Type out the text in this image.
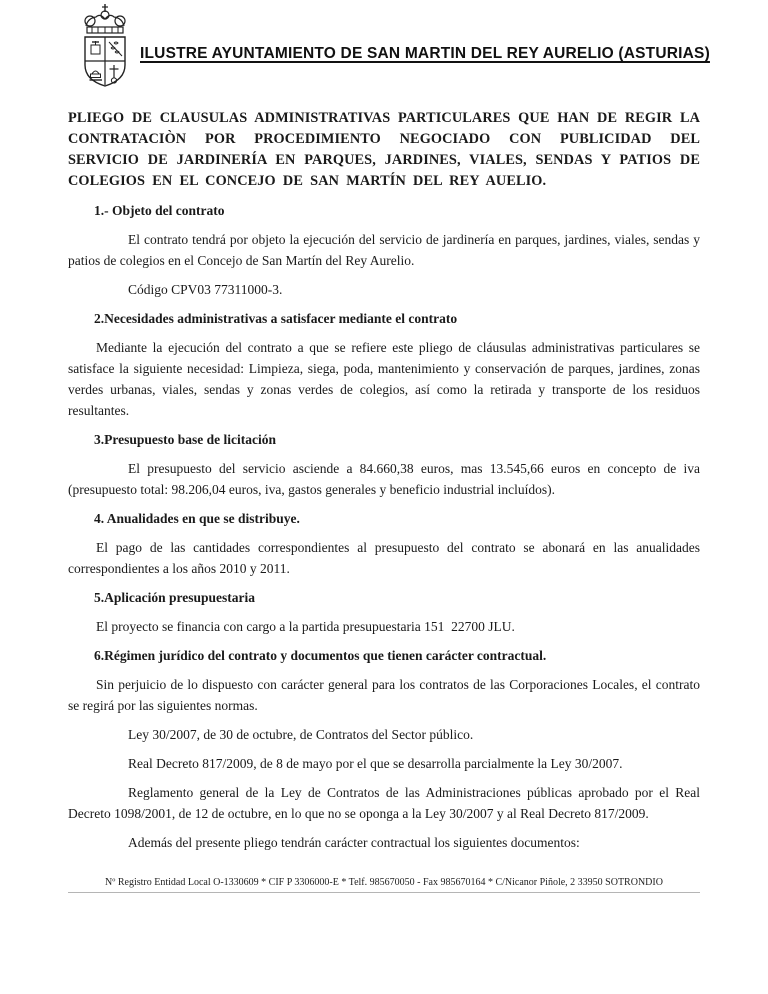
ILUSTRE AYUNTAMIENTO DE SAN MARTIN DEL REY AURELIO (ASTURIAS)

PLIEGO DE CLAUSULAS ADMINISTRATIVAS PARTICULARES QUE HAN DE REGIR LA CONTRATACIÒN POR PROCEDIMIENTO NEGOCIADO CON PUBLICIDAD DEL SERVICIO DE JARDINERÍA EN PARQUES, JARDINES, VIALES, SENDAS Y PATIOS DE COLEGIOS EN EL CONCEJO DE SAN MARTÍN DEL REY AUELIO.

1.- Objeto del contrato

El contrato tendrá por objeto la ejecución del servicio de jardinería en parques, jardines, viales, sendas y patios de colegios en el Concejo de San Martín del Rey Aurelio.

Código CPV03 77311000-3.

2.Necesidades administrativas a satisfacer mediante el contrato

Mediante la ejecución del contrato a que se refiere este pliego de cláusulas administrativas particulares se satisface la siguiente necesidad: Limpieza, siega, poda, mantenimiento y conservación de parques, jardines, zonas verdes urbanas, viales, sendas y zonas verdes de colegios, así como la retirada y transporte de los residuos resultantes.

3.Presupuesto base de licitación

El presupuesto del servicio asciende a 84.660,38 euros, mas 13.545,66 euros en concepto de iva (presupuesto total: 98.206,04 euros, iva, gastos generales y beneficio industrial incluídos).

4. Anualidades en que se distribuye.

El pago de las cantidades correspondientes al presupuesto del contrato se abonará en las anualidades correspondientes a los años 2010 y 2011.

5.Aplicación presupuestaria

El proyecto se financia con cargo a la partida presupuestaria 151  22700 JLU.

6.Régimen jurídico del contrato y documentos que tienen carácter contractual.

Sin perjuicio de lo dispuesto con carácter general para los contratos de las Corporaciones Locales, el contrato se regirá por las siguientes normas.

Ley 30/2007, de 30 de octubre, de Contratos del Sector público.

Real Decreto 817/2009, de 8 de mayo por el que se desarrolla parcialmente la Ley 30/2007.

Reglamento general de la Ley de Contratos de las Administraciones públicas aprobado por el Real Decreto 1098/2001, de 12 de octubre, en lo que no se oponga a la Ley 30/2007 y al Real Decreto 817/2009.

Además del presente pliego tendrán carácter contractual los siguientes documentos:

Nº Registro Entidad Local O-1330609 * CIF P 3306000-E * Telf. 985670050 - Fax 985670164 * C/Nicanor Piñole, 2 33950 SOTRONDIO
